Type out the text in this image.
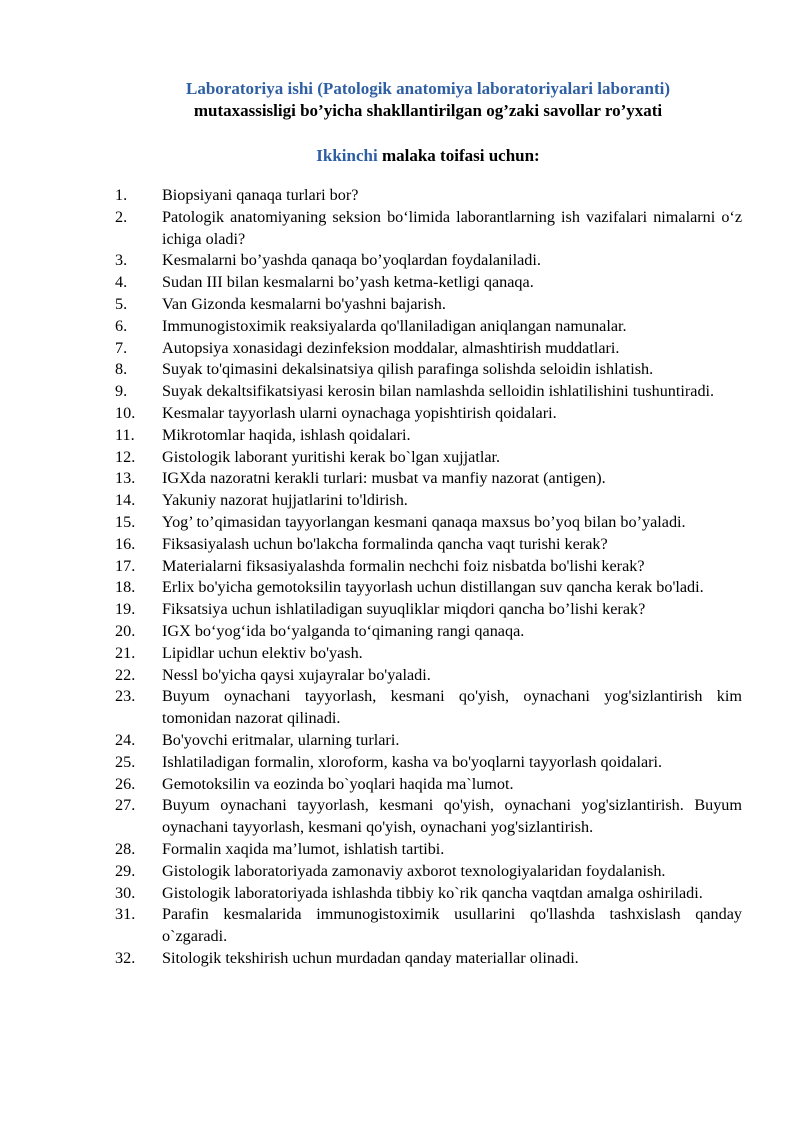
Laboratoriya ishi (Patologik anatomiya laboratoriyalari laboranti)
mutaxassisligi bo’yicha shakllantirilgan og’zaki savollar ro’yxati
Ikkinchi malaka toifasi uchun:
1. Biopsiyani qanaqa turlari bor?
2. Patologik anatomiyaning seksion bo‘limida laborantlarning ish vazifalari nimalarni o‘z ichiga oladi?
3. Kesmalarni bo’yashda qanaqa bo’yoqlardan foydalaniladi.
4. Sudan III bilan kesmalarni bo’yash ketma-ketligi qanaqa.
5. Van Gizonda kesmalarni bo'yashni bajarish.
6. Immunogistoximik reaksiyalarda qo'llaniladigan aniqlangan namunalar.
7. Autopsiya xonasidagi dezinfeksion moddalar, almashtirish muddatlari.
8. Suyak to'qimasini dekalsinatsiya qilish parafinga solishda seloidin ishlatish.
9. Suyak dekaltsifikatsiyasi kerosin bilan namlashda selloidin ishlatilishini tushuntiradi.
10. Kesmalar tayyorlash ularni oynachaga yopishtirish qoidalari.
11. Mikrotomlar haqida, ishlash qoidalari.
12. Gistologik laborant yuritishi kerak bo`lgan xujjatlar.
13. IGXda nazoratni kerakli turlari: musbat va manfiy nazorat (antigen).
14. Yakuniy nazorat hujjatlarini to'ldirish.
15. Yog’ to’qimasidan tayyorlangan kesmani qanaqa maxsus bo’yoq bilan bo’yaladi.
16. Fiksasiyalash uchun bo'lakcha formalinda qancha vaqt turishi kerak?
17. Materialarni fiksasiyalashda formalin nechchi foiz nisbatda bo'lishi kerak?
18. Erlix bo'yicha gemotoksilin tayyorlash uchun distillangan suv qancha kerak bo'ladi.
19. Fiksatsiya uchun ishlatiladigan suyuqliklar miqdori qancha bo’lishi kerak?
20. IGX bo‘yog‘ida bo‘yalganda to‘qimaning rangi qanaqa.
21. Lipidlar uchun elektiv bo'yash.
22. Nessl bo'yicha qaysi xujayralar bo'yaladi.
23. Buyum oynachani tayyorlash, kesmani qo'yish, oynachani yog'sizlantirish kim tomonidan nazorat qilinadi.
24. Bo'yovchi eritmalar, ularning turlari.
25. Ishlatiladigan formalin, xloroform, kasha va bo'yoqlarni tayyorlash qoidalari.
26. Gemotoksilin va eozinda bo`yoqlari haqida ma`lumot.
27. Buyum oynachani tayyorlash, kesmani qo'yish, oynachani yog'sizlantirish. Buyum oynachani tayyorlash, kesmani qo'yish, oynachani yog'sizlantirish.
28. Formalin xaqida ma’lumot, ishlatish tartibi.
29. Gistologik laboratoriyada zamonaviy axborot texnologiyalaridan foydalanish.
30. Gistologik laboratoriyada ishlashda tibbiy ko`rik qancha vaqtdan amalga oshiriladi.
31. Parafin kesmalarida immunogistoximik usullarini qo'llashda tashxislash qanday o`zgaradi.
32. Sitologik tekshirish uchun murdadan qanday materiallar olinadi.
